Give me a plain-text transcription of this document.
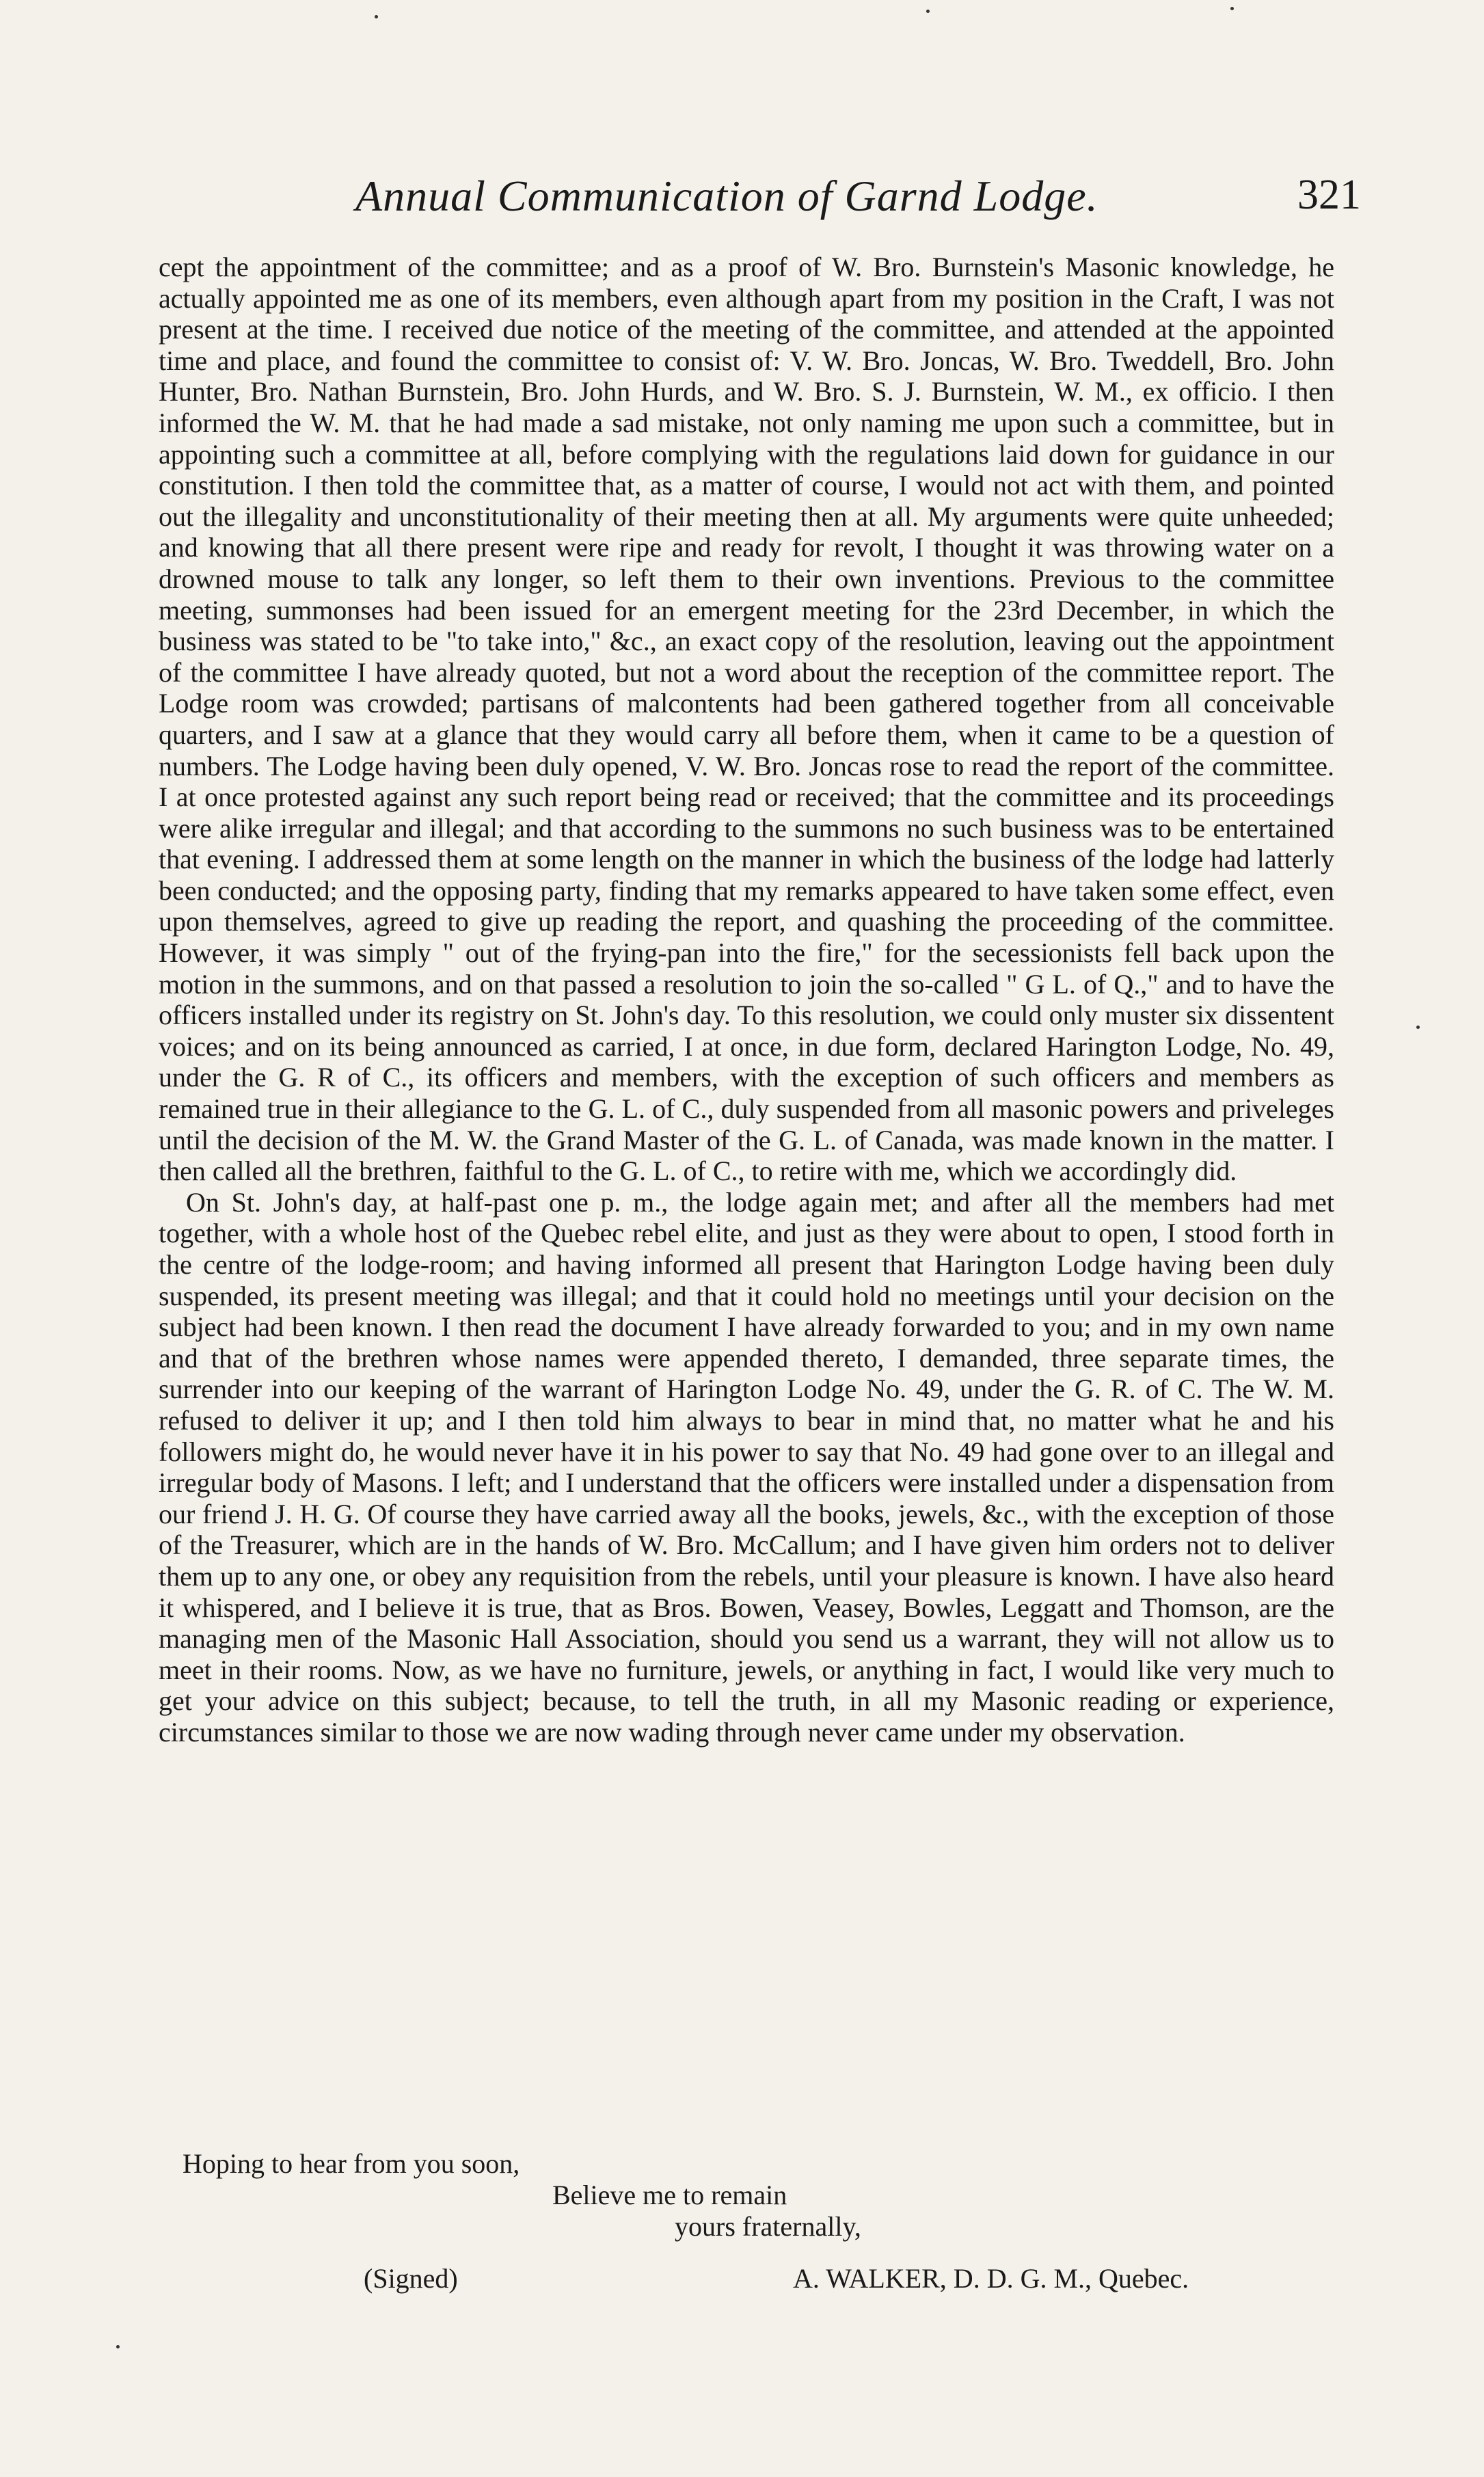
Annual Communication of Garnd Lodge.	321

cept the appointment of the committee; and as a proof of W. Bro. Burnstein's Masonic knowledge, he actually appointed me as one of its members, even although apart from my position in the Craft, I was not present at the time. I received due notice of the meeting of the committee, and attended at the appointed time and place, and found the committee to consist of: V. W. Bro. Joncas, W. Bro. Tweddell, Bro. John Hunter, Bro. Nathan Burnstein, Bro. John Hurds, and W. Bro. S. J. Burnstein, W. M., ex officio. I then informed the W. M. that he had made a sad mistake, not only naming me upon such a committee, but in appointing such a committee at all, before complying with the regulations laid down for guidance in our constitution. I then told the committee that, as a matter of course, I would not act with them, and pointed out the illegality and unconstitutionality of their meeting then at all. My arguments were quite unheeded; and knowing that all there present were ripe and ready for revolt, I thought it was throwing water on a drowned mouse to talk any longer, so left them to their own inventions. Previous to the committee meeting, summonses had been issued for an emergent meeting for the 23rd December, in which the business was stated to be "to take into," &c., an exact copy of the resolution, leaving out the appointment of the committee I have already quoted, but not a word about the reception of the committee report. The Lodge room was crowded; partisans of malcontents had been gathered together from all conceivable quarters, and I saw at a glance that they would carry all before them, when it came to be a question of numbers. The Lodge having been duly opened, V. W. Bro. Joncas rose to read the report of the committee. I at once protested against any such report being read or received; that the committee and its proceedings were alike irregular and illegal; and that according to the summons no such business was to be entertained that evening. I addressed them at some length on the manner in which the business of the lodge had latterly been conducted; and the opposing party, finding that my remarks appeared to have taken some effect, even upon themselves, agreed to give up reading the report, and quashing the proceeding of the committee. However, it was simply " out of the frying-pan into the fire," for the secessionists fell back upon the motion in the summons, and on that passed a resolution to join the so-called " G L. of Q.," and to have the officers installed under its registry on St. John's day. To this resolution, we could only muster six dissentent voices; and on its being announced as carried, I at once, in due form, declared Harington Lodge, No. 49, under the G. R of C., its officers and members, with the exception of such officers and members as remained true in their allegiance to the G. L. of C., duly suspended from all masonic powers and priveleges until the decision of the M. W. the Grand Master of the G. L. of Canada, was made known in the matter. I then called all the brethren, faithful to the G. L. of C., to retire with me, which we accordingly did.

On St. John's day, at half-past one p. m., the lodge again met; and after all the members had met together, with a whole host of the Quebec rebel elite, and just as they were about to open, I stood forth in the centre of the lodge-room; and having informed all present that Harington Lodge having been duly suspended, its present meeting was illegal; and that it could hold no meetings until your decision on the subject had been known. I then read the document I have already forwarded to you; and in my own name and that of the brethren whose names were appended thereto, I demanded, three separate times, the surrender into our keeping of the warrant of Harington Lodge No. 49, under the G. R. of C. The W. M. refused to deliver it up; and I then told him always to bear in mind that, no matter what he and his followers might do, he would never have it in his power to say that No. 49 had gone over to an illegal and irregular body of Masons. I left; and I understand that the officers were installed under a dispensation from our friend J. H. G. Of course they have carried away all the books, jewels, &c., with the exception of those of the Treasurer, which are in the hands of W. Bro. McCallum; and I have given him orders not to deliver them up to any one, or obey any requisition from the rebels, until your pleasure is known. I have also heard it whispered, and I believe it is true, that as Bros. Bowen, Veasey, Bowles, Leggatt and Thomson, are the managing men of the Masonic Hall Association, should you send us a warrant, they will not allow us to meet in their rooms. Now, as we have no furniture, jewels, or anything in fact, I would like very much to get your advice on this subject; because, to tell the truth, in all my Masonic reading or experience, circumstances similar to those we are now wading through never came under my observation.

Hoping to hear from you soon,
Believe me to remain
yours fraternally,
(Signed)	A. WALKER, D. D. G. M., Quebec.
